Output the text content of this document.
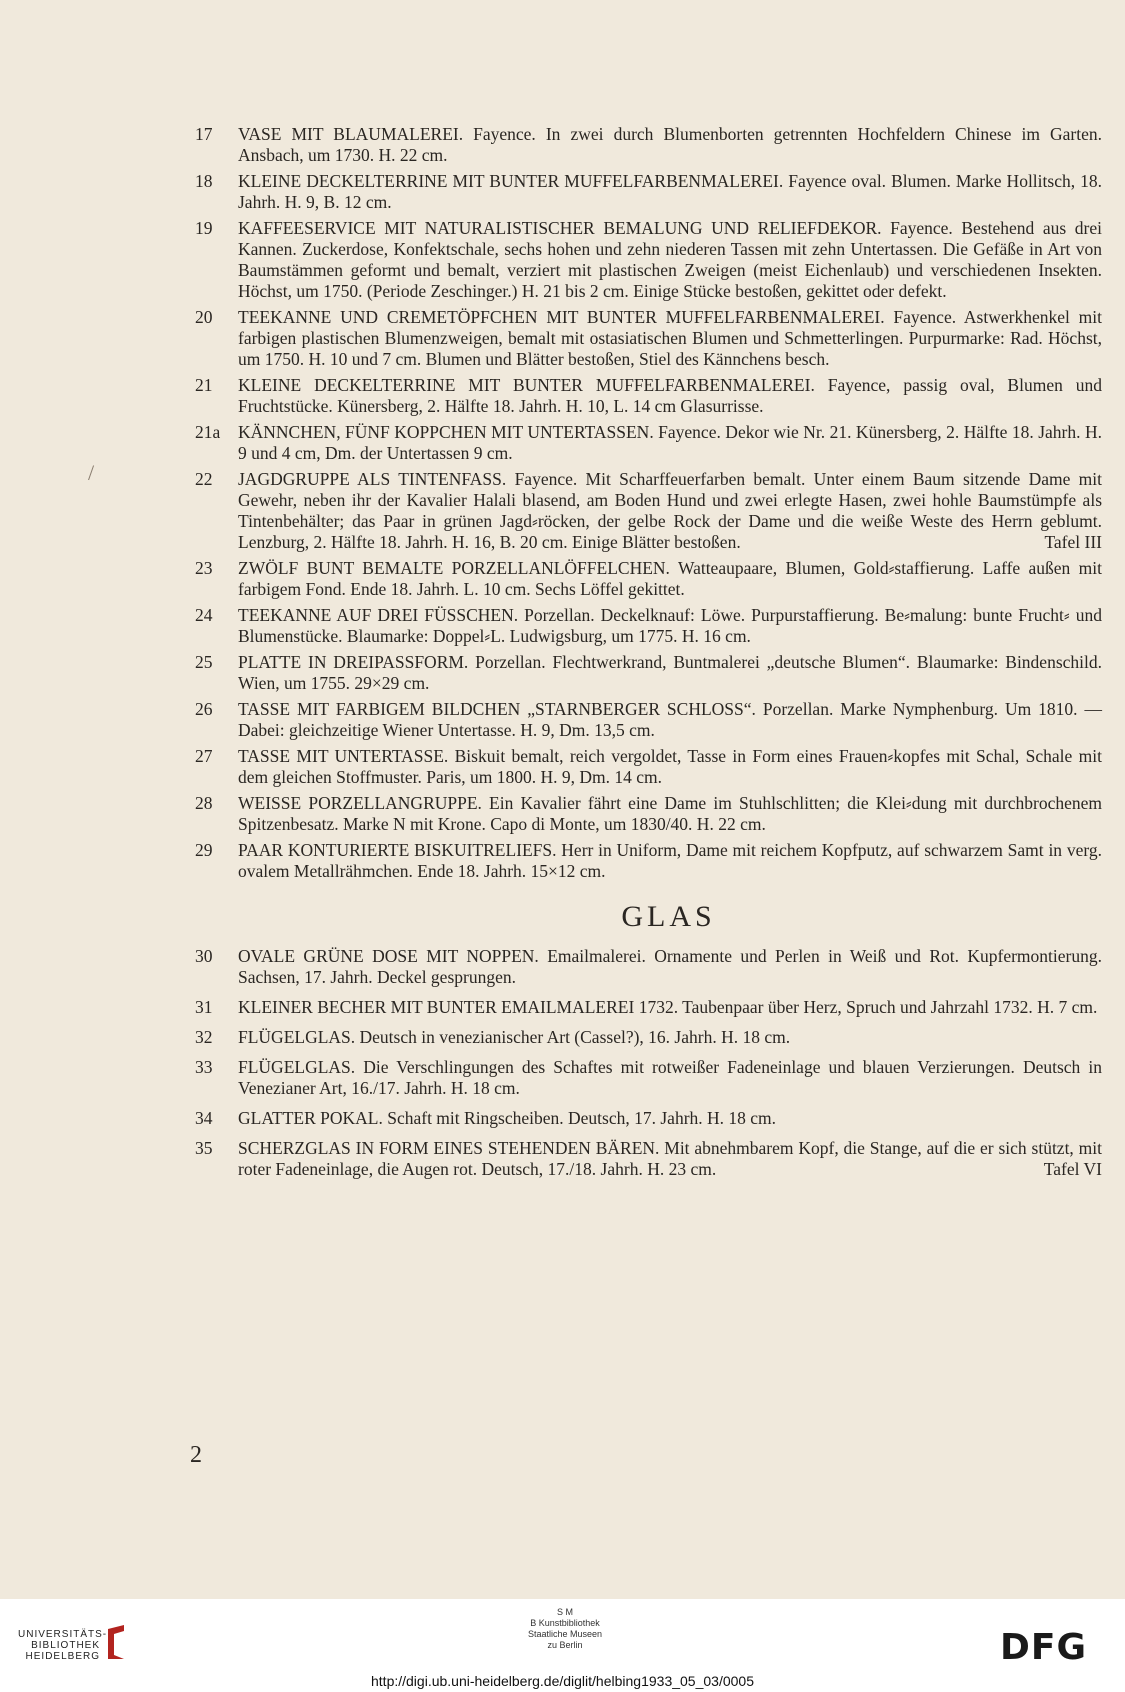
17	VASE MIT BLAUMALEREI. Fayence. In zwei durch Blumenborten getrennten Hochfeldern Chinese im Garten. Ansbach, um 1730. H. 22 cm.
18	KLEINE DECKELTERRINE MIT BUNTER MUFFELFARBENMALEREI. Fayence oval. Blumen. Marke Hollitsch, 18. Jahrh. H. 9, B. 12 cm.
19	KAFFEESERVICE MIT NATURALISTISCHER BEMALUNG UND RELIEFDEKOR. Fayence. Bestehend aus drei Kannen. Zuckerdose, Konfektschale, sechs hohen und zehn niederen Tassen mit zehn Untertassen. Die Gefäße in Art von Baumstämmen geformt und bemalt, verziert mit plastischen Zweigen (meist Eichenlaub) und verschiedenen Insekten. Höchst, um 1750. (Periode Zeschinger.) H. 21 bis 2 cm. Einige Stücke bestoßen, gekittet oder defekt.
20	TEEKANNE UND CREMETÖPFCHEN MIT BUNTER MUFFELFARBENMALEREI. Fayence. Astwerkhenkel mit farbigen plastischen Blumenzweigen, bemalt mit ostasiatischen Blumen und Schmetterlingen. Purpurmarke: Rad. Höchst, um 1750. H. 10 und 7 cm. Blumen und Blätter bestoßen, Stiel des Kännchens besch.
21	KLEINE DECKELTERRINE MIT BUNTER MUFFELFARBENMALEREI. Fayence, passig oval, Blumen und Fruchtstücke. Künersberg, 2. Hälfte 18. Jahrh. H. 10, L. 14 cm Glasurrisse.
21a	KÄNNCHEN, FÜNF KOPPCHEN MIT UNTERTASSEN. Fayence. Dekor wie Nr. 21. Künersberg, 2. Hälfte 18. Jahrh. H. 9 und 4 cm, Dm. der Untertassen 9 cm.
22	JAGDGRUPPE ALS TINTENFASS. Fayence. Mit Scharffeuerfarben bemalt. Unter einem Baum sitzende Dame mit Gewehr, neben ihr der Kavalier Halali blasend, am Boden Hund und zwei erlegte Hasen, zwei hohle Baumstümpfe als Tintenbehälter; das Paar in grünen Jagd⸗röcken, der gelbe Rock der Dame und die weiße Weste des Herrn geblumt. Lenzburg, 2. Hälfte 18. Jahrh. H. 16, B. 20 cm. Einige Blätter bestoßen.	Tafel III
23	ZWÖLF BUNT BEMALTE PORZELLANLÖFFELCHEN. Watteaupaare, Blumen, Gold⸗staffierung. Laffe außen mit farbigem Fond. Ende 18. Jahrh. L. 10 cm. Sechs Löffel gekittet.
24	TEEKANNE AUF DREI FÜSSCHEN. Porzellan. Deckelknauf: Löwe. Purpurstaffierung. Be⸗malung: bunte Frucht⸗ und Blumenstücke. Blaumarke: Doppel⸗L. Ludwigsburg, um 1775. H. 16 cm.
25	PLATTE IN DREIPASSFORM. Porzellan. Flechtwerkrand, Buntmalerei „deutsche Blumen“. Blaumarke: Bindenschild. Wien, um 1755. 29×29 cm.
26	TASSE MIT FARBIGEM BILDCHEN „STARNBERGER SCHLOSS“. Porzellan. Marke Nymphenburg. Um 1810. — Dabei: gleichzeitige Wiener Untertasse. H. 9, Dm. 13,5 cm.
27	TASSE MIT UNTERTASSE. Biskuit bemalt, reich vergoldet, Tasse in Form eines Frauen⸗kopfes mit Schal, Schale mit dem gleichen Stoffmuster. Paris, um 1800. H. 9, Dm. 14 cm.
28	WEISSE PORZELLANGRUPPE. Ein Kavalier fährt eine Dame im Stuhlschlitten; die Klei⸗dung mit durchbrochenem Spitzenbesatz. Marke N mit Krone. Capo di Monte, um 1830/40. H. 22 cm.
29	PAAR KONTURIERTE BISKUITRELIEFS. Herr in Uniform, Dame mit reichem Kopfputz, auf schwarzem Samt in verg. ovalem Metallrähmchen. Ende 18. Jahrh. 15×12 cm.
GLAS
30	OVALE GRÜNE DOSE MIT NOPPEN. Emailmalerei. Ornamente und Perlen in Weiß und Rot. Kupfermontierung. Sachsen, 17. Jahrh. Deckel gesprungen.
31	KLEINER BECHER MIT BUNTER EMAILMALEREI 1732. Taubenpaar über Herz, Spruch und Jahrzahl 1732. H. 7 cm.
32	FLÜGELGLAS. Deutsch in venezianischer Art (Cassel?), 16. Jahrh. H. 18 cm.
33	FLÜGELGLAS. Die Verschlingungen des Schaftes mit rotweißer Fadeneinlage und blauen Verzierungen. Deutsch in Venezianer Art, 16./17. Jahrh. H. 18 cm.
34	GLATTER POKAL. Schaft mit Ringscheiben. Deutsch, 17. Jahrh. H. 18 cm.
35	SCHERZGLAS IN FORM EINES STEHENDEN BÄREN. Mit abnehmbarem Kopf, die Stange, auf die er sich stützt, mit roter Fadeneinlage, die Augen rot. Deutsch, 17./18. Jahrh. H. 23 cm.	Tafel VI
/
2
UNIVERSITÄTS-
BIBLIOTHEK
HEIDELBERG
S M
B Kunstbibliothek
Staatliche Museen
zu Berlin	DFG
http://digi.ub.uni-heidelberg.de/diglit/helbing1933_05_03/0005
